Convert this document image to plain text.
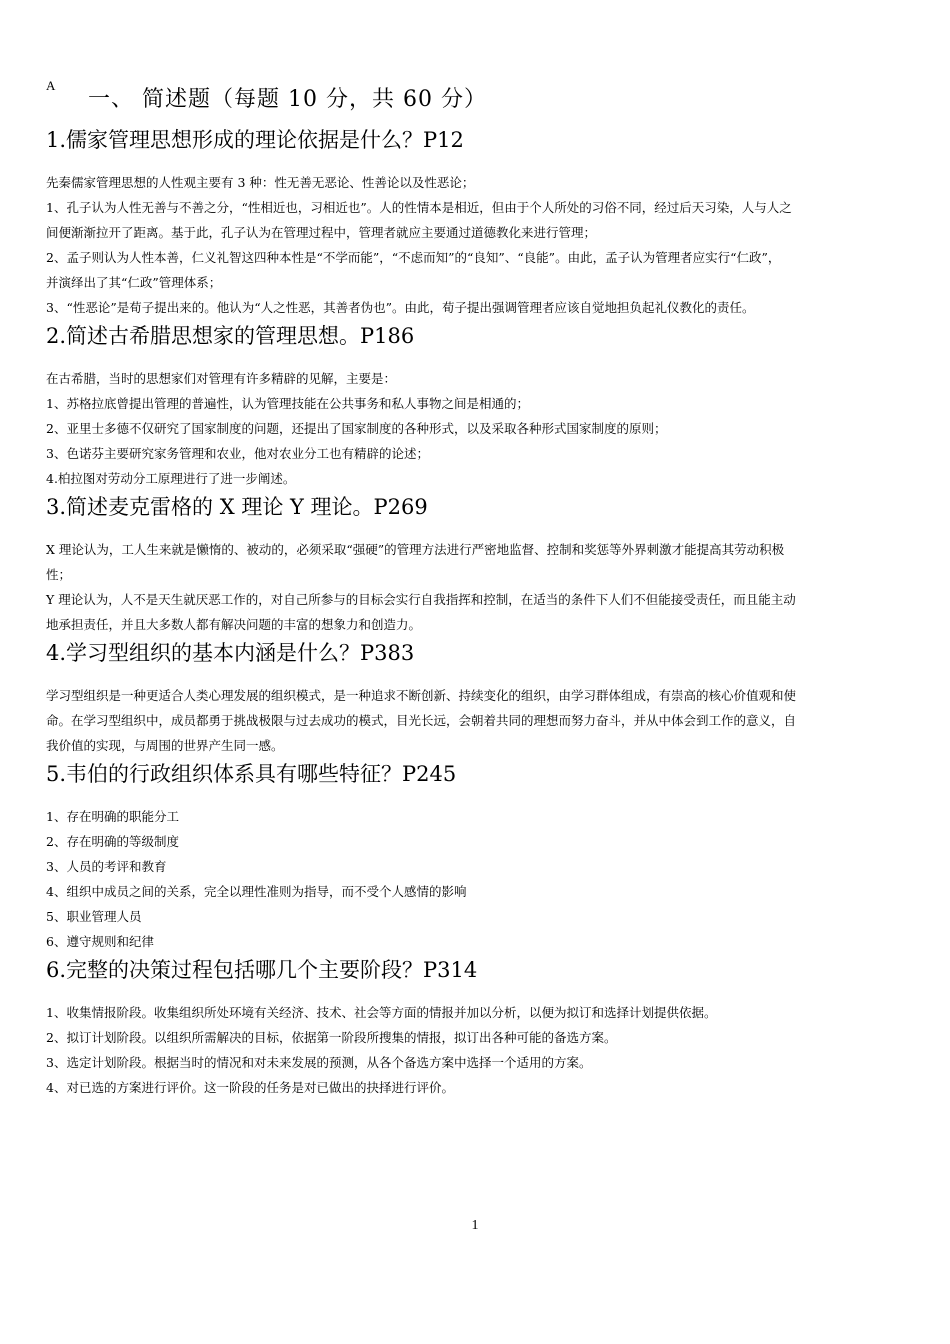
A
一、 简述题（每题 10 分，共 60 分）
1.儒家管理思想形成的理论依据是什么？P12

先秦儒家管理思想的人性观主要有 3 种：性无善无恶论、性善论以及性恶论；

1、孔子认为人性无善与不善之分，“性相近也，习相近也”。人的性情本是相近，但由于个人所处的习俗不同，经过后天习染，人与人之

间便渐渐拉开了距离。基于此，孔子认为在管理过程中，管理者就应主要通过道德教化来进行管理；

2、孟子则认为人性本善，仁义礼智这四种本性是“不学而能”，“不虑而知”的“良知”、“良能”。由此，孟子认为管理者应实行“仁政”，

并演绎出了其“仁政”管理体系；

3、“性恶论”是荀子提出来的。他认为“人之性恶，其善者伪也”。由此，荀子提出强调管理者应该自觉地担负起礼仪教化的责任。

2.简述古希腊思想家的管理思想。P186

在古希腊，当时的思想家们对管理有许多精辟的见解，主要是：

1、苏格拉底曾提出管理的普遍性，认为管理技能在公共事务和私人事物之间是相通的；

2、亚里士多德不仅研究了国家制度的问题，还提出了国家制度的各种形式，以及采取各种形式国家制度的原则；

3、色诺芬主要研究家务管理和农业，他对农业分工也有精辟的论述；

4.柏拉图对劳动分工原理进行了进一步阐述。

3.简述麦克雷格的 X 理论 Y 理论。P269

X 理论认为，工人生来就是懒惰的、被动的，必须采取“强硬”的管理方法进行严密地监督、控制和奖惩等外界刺激才能提高其劳动积极

性；

Y 理论认为，人不是天生就厌恶工作的，对自己所参与的目标会实行自我指挥和控制，在适当的条件下人们不但能接受责任，而且能主动

地承担责任，并且大多数人都有解决问题的丰富的想象力和创造力。

4.学习型组织的基本内涵是什么？P383

学习型组织是一种更适合人类心理发展的组织模式，是一种追求不断创新、持续变化的组织，由学习群体组成，有崇高的核心价值观和使

命。在学习型组织中，成员都勇于挑战极限与过去成功的模式，目光长远，会朝着共同的理想而努力奋斗，并从中体会到工作的意义，自

我价值的实现，与周围的世界产生同一感。

5.韦伯的行政组织体系具有哪些特征？P245

1、存在明确的职能分工

2、存在明确的等级制度

3、人员的考评和教育

4、组织中成员之间的关系，完全以理性准则为指导，而不受个人感情的影响

5、职业管理人员

6、遵守规则和纪律

6.完整的决策过程包括哪几个主要阶段？P314

1、收集情报阶段。收集组织所处环境有关经济、技术、社会等方面的情报并加以分析，以便为拟订和选择计划提供依据。

2、拟订计划阶段。以组织所需解决的目标，依据第一阶段所搜集的情报，拟订出各种可能的备选方案。

3、选定计划阶段。根据当时的情况和对未来发展的预测，从各个备选方案中选择一个适用的方案。

4、对已选的方案进行评价。这一阶段的任务是对已做出的抉择进行评价。

1
